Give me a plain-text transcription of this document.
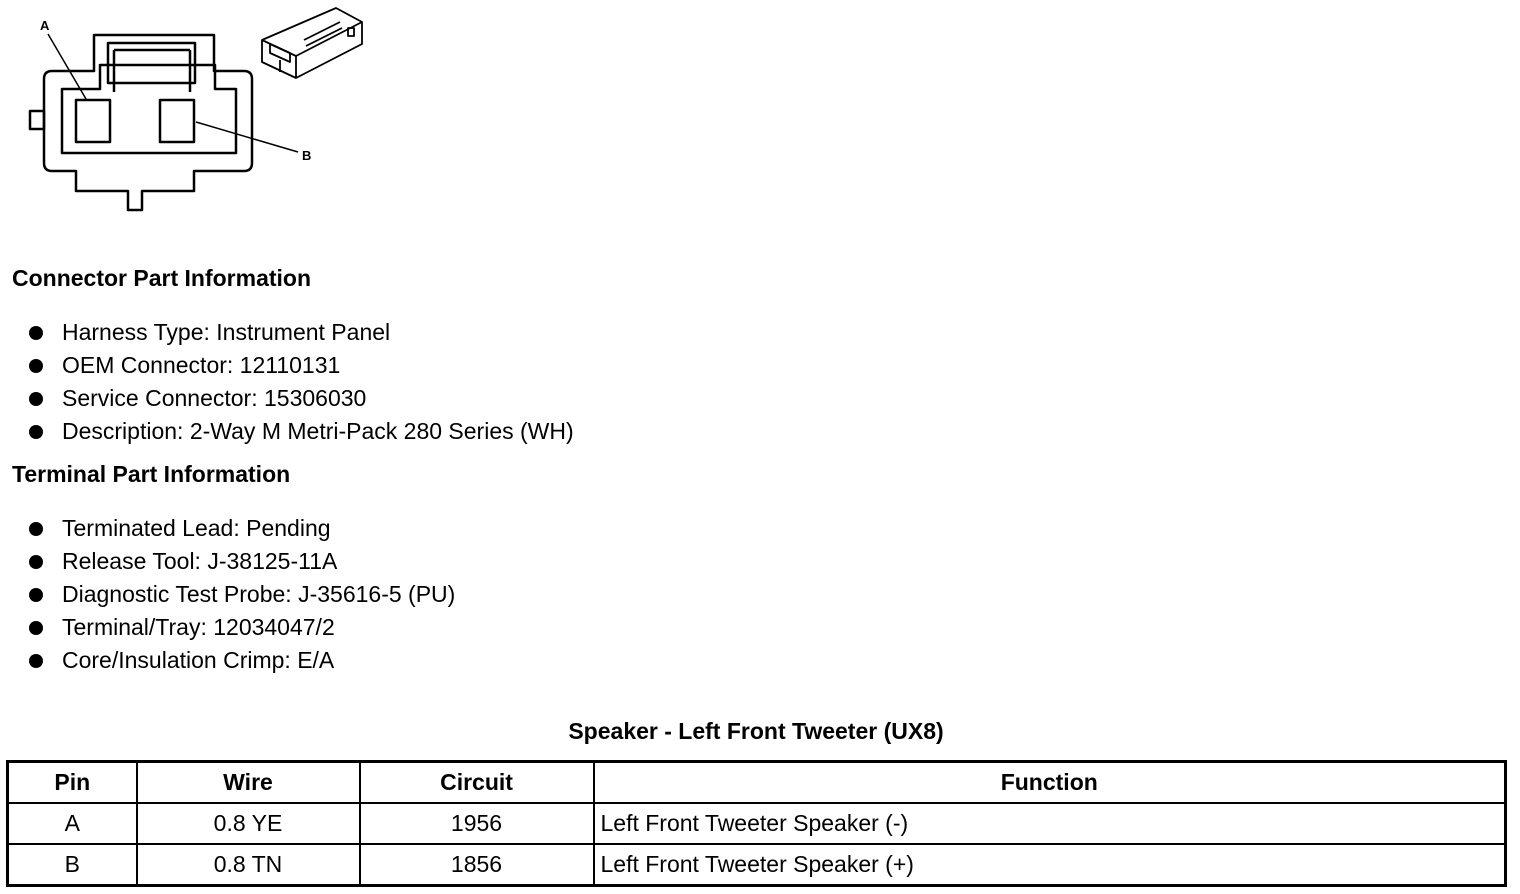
A
B
Connector Part Information
Harness Type: Instrument Panel
OEM Connector: 12110131
Service Connector: 15306030
Description: 2-Way M Metri-Pack 280 Series (WH)
Terminal Part Information
Terminated Lead: Pending
Release Tool: J-38125-11A
Diagnostic Test Probe: J-35616-5 (PU)
Terminal/Tray: 12034047/2
Core/Insulation Crimp: E/A
Speaker - Left Front Tweeter (UX8)
Pin	Wire	Circuit	Function
A	0.8 YE	1956	Left Front Tweeter Speaker (-)
B	0.8 TN	1856	Left Front Tweeter Speaker (+)
